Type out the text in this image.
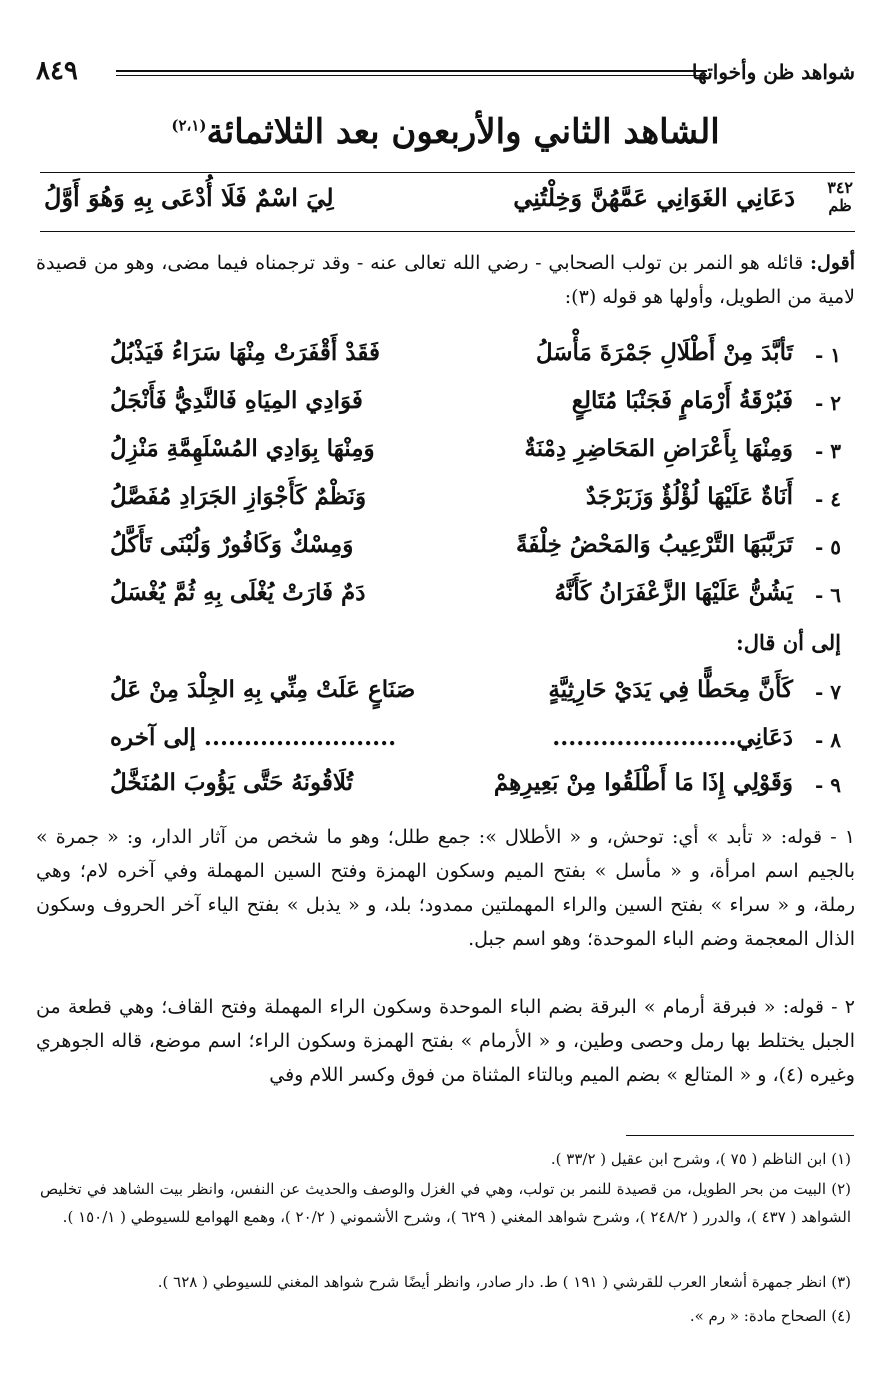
شواهد ظن وأخواتها
٨٤٩
الشاهد الثاني والأربعون بعد الثلاثمائة$^{(٢،١)}$
٣٤٢
ظم
دَعَانِي الغَوَانِي عَمَّهُنَّ وَخِلْتُنِي
لِيَ اسْمٌ فَلَا أُدْعَى بِهِ وَهُوَ أَوَّلُ
أقول: قائله هو النمر بن تولب الصحابي - رضي الله تعالى عنه - وقد ترجمناه فيما مضى، وهو من قصيدة لامية من الطويل، وأولها هو قوله (٣):
١ -
تَأبَّدَ مِنْ أَطْلَالِ جَمْرَةَ مَأْسَلُ
فَقَدْ أَقْفَرَتْ مِنْهَا سَرَاءُ فَيَذْبُلُ
٢ -
فَبُرْقَةُ أَرْمَامٍ فَجَنْبَا مُتَالِعٍ
فَوَادِي المِيَاهِ فَالنَّدِيُّ فَأَنْجَلُ
٣ -
وَمِنْهَا بِأَعْرَاضِ المَحَاضِرِ دِمْنَةٌ
وَمِنْهَا بِوَادِي المُسْلَهِمَّةِ مَنْزِلُ
٤ -
أَنَاةٌ عَلَيْهَا لُؤْلُؤٌ وَزَبَرْجَدٌ
وَنَظْمٌ كَأَجْوَازِ الجَرَادِ مُفَصَّلُ
٥ -
تَرَبَّبَهَا التَّرْعِيبُ وَالمَحْضُ خِلْفَةً
وَمِسْكٌ وَكَافُورٌ وَلُبْنَى تَأَكَّلُ
٦ -
يَشُنُّ عَلَيْهَا الزَّعْفَرَانُ كَأَنَّهُ
دَمٌ فَارَتْ يُغْلَى بِهِ ثُمَّ يُغْسَلُ
إلى أن قال:
٧ -
كَأَنَّ مِحَطًّا فِي يَدَيْ حَارِثِيَّةٍ
صَنَاعٍ عَلَتْ مِنِّي بِهِ الجِلْدَ مِنْ عَلُ
٨ -
دَعَانِي.......................
........................ إلى آخره
٩ -
وَقَوْلِي إِذَا مَا أَطْلَقُوا مِنْ بَعِيرِهِمْ
تُلَاقُونَهُ حَتَّى يَؤُوبَ المُنَخَّلُ
١ - قوله: « تأبد » أي: توحش، و « الأطلال »: جمع طلل؛ وهو ما شخص من آثار الدار، و: « جمرة » بالجيم اسم امرأة، و « مأسل » بفتح الميم وسكون الهمزة وفتح السين المهملة وفي آخره لام؛ وهي رملة، و « سراء » بفتح السين والراء المهملتين ممدود؛ بلد، و « يذبل » بفتح الياء آخر الحروف وسكون الذال المعجمة وضم الباء الموحدة؛ وهو اسم جبل.
٢ - قوله: « فبرقة أرمام » البرقة بضم الباء الموحدة وسكون الراء المهملة وفتح القاف؛ وهي قطعة من الجبل يختلط بها رمل وحصى وطين، و « الأرمام » بفتح الهمزة وسكون الراء؛ اسم موضع، قاله الجوهري وغيره (٤)، و « المتالع » بضم الميم وبالتاء المثناة من فوق وكسر اللام وفي
(١) ابن الناظم ( ٧٥ )، وشرح ابن عقيل ( ٣٣/٢ ).
(٢) البيت من بحر الطويل، من قصيدة للنمر بن تولب، وهي في الغزل والوصف والحديث عن النفس، وانظر بيت الشاهد في تخليص الشواهد ( ٤٣٧ )، والدرر ( ٢٤٨/٢ )، وشرح شواهد المغني ( ٦٢٩ )، وشرح الأشموني ( ٢٠/٢ )، وهمع الهوامع للسيوطي ( ١٥٠/١ ).
(٣) انظر جمهرة أشعار العرب للقرشي ( ١٩١ ) ط. دار صادر، وانظر أيضًا شرح شواهد المغني للسيوطي ( ٦٢٨ ).
(٤) الصحاح مادة: « رم ».
